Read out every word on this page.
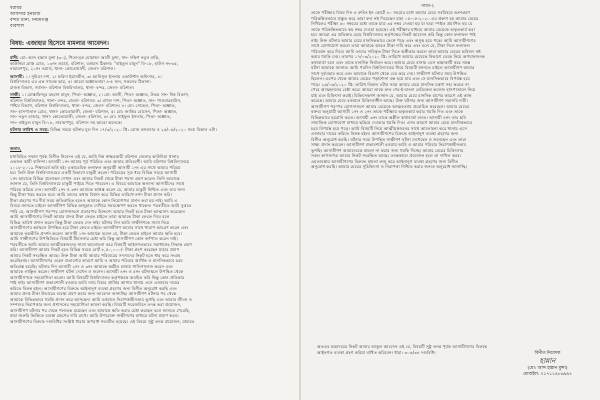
বরাবর
অফিসার ইনচার্জ
বন্দর থানা, নিয়মগঞ্জ
বরিশাল
বিষয়: এজাহার হিসেবে মামলার আবেদন।
বাদী: মো: আব্দ হান্নান মুন্সা (৩০), পিতা-মৃত মোহাম্মদ আলী মুন্সা, সাং- দক্ষিণ নতুন বাড়ি,
কাউনিয়া ব্রাঞ্চ রোড, ১৩নং ওয়ার্ড, বরিশাল, বর্তমান ঠিকানা: "বাইতুল মামুন" বি-১৮, হাউস নং-৩৫,
নারায়ণপুর, ২১নং ওয়ার্ড, থানা- কোতোয়ালী, জেলা- বরিশাল।
আসামী: ১। সুমিত্রা দাশ, ২। ফরিদা ইয়াসমীন, ৩। আনিসুল ইসলাম একাউন্টস অফিসার, ৪।
বিশ্ববিদ্যালয় এর এক সাবেক ছাত্র, ৫। আরো অজ্ঞাতনামা ৪-৫ জন, সকলের ঠিকানা:
রাজস্ব বিভাগ, সর্বসাং- বরিশাল বিশ্ববিদ্যালয়, থানা- বন্দর, জেলা- বরিশাল।
সাক্ষী: ১। মোস্তাফিজুর রহমান মামুন, পিতা- অজ্ঞাত, ২। মো: আলী, পিতা- অজ্ঞাত, উভয় সাং- নিম্ন বিভাগ,
বরিশাল বিশ্ববিদ্যালয়, থানা- বন্দর, জেলা- বরিশাল। ৩। রাহুল দাশ, পিতা- অজ্ঞাত, সাং- পাওয়ারহাউস,
পশ্চিম বিভাগ, বরিশাল বিশ্ববিদ্যালয়, থানা- বন্দর, জেলা- বরিশাল। ৪। মো: সোহেল, পিতা- অজ্ঞাত,
সাং- হাসপাতাল রোড, থানা- কোতোয়ালী, জেলা- বরিশাল, ৫। মো: জাকির হোসেন, পিতা- অজ্ঞাত,
সাং- নতুন বাজার, থানা- কোতোয়ালী, জেলা- বরিশাল, ৬। মো: সাইফুল ইসলাম, পিতা- অজ্ঞাত,
সাং- বাইতুল মামুন বি-১৮, নারায়ণপুর, বরিশাল সহ আরো অনেকে।
ঘটনার তারিখ ও সময়: বিভিন্ন সময়ে ঘটনার মূল দিন ১৭/৩/২০২০ খ্রি: রোজ মঙ্গলবার ও ২৬/০৬/২০২০ সময় বিকাল ৪টা।
জনাব,
যথাবিহিত সম্মান পূর্বক বিনীত নিবেদন এই যে, আমি নিম্ন স্বাক্ষরকারী বরিশাল জেলার কাউনিয়া থানার
একজন স্থায়ী বাসিন্দা। আসামী ১নং আমার পূর্ব পরিচিত এবং আমার প্রতিবেশী। আমি বরিশাল বিশ্ববিদ্যালয়ে
২০১৮-২০১৯ শিক্ষাবর্ষে ভর্তি হই। একাডেমিক ফলাফল অনুযায়ী আসামী ১নং এর সাথে আমার পরিচয়
হয়। তিনি উক্ত বিশ্ববিদ্যালয়ের একটি বিভাগে চাকুরী করেন। পরিচয়ের সূত্র ধরে বিভিন্ন সময়ে আসামী
১নং আমাকে বিভিন্ন প্রলোভন দেখান এবং আমার নিকট থেকে টাকা পয়সা গ্রহণ করেন। তিনি আমাকে
জানান যে, তিনি বিশ্ববিদ্যালয়ে চাকুরী পাইয়ে দিতে পারবেন। এ বিষয়ে আমাকে অন্যান্য আসামীদের সাথে
পরিচয় করিয়ে দেন। আসামী ২নং ও ৩নং আমাকে আশ্বস্ত করেন যে, আমার চাকুরী নিশ্চিত এবং তার জন্য
কিছু টাকা খরচ করতে হবে। আমি তাদের কথায় বিশ্বাস করে বিভিন্ন তারিখে নগদ টাকা প্রদান করি।
টাকা গ্রহণের পর দীর্ঘ সময় অতিবাহিত হলেও আমাকে কোন নিয়োগপত্র প্রদান করা হয় নাই। আমি এ
বিষয়ে জানতে চাইলে আসামীগণ বিভিন্ন অজুহাত দেখিয়ে সময়ক্ষেপণ করতে থাকেন। পরবর্তীতে আমি বুঝতে
পারি যে, আসামীগণ পরস্পর যোগসাজশে প্রতারণার উদ্দেশ্যে আমার নিকট হতে টাকা আত্মসাৎ করেছেন।
আমি আসামীগণের নিকট আমার প্রদত্ত টাকা ফেরত চাইলে তারা আমাকে টাকা ফেরত দিবে বলে
বিভিন্ন তারিখ প্রদান করেন কিন্তু টাকা ফেরত দেন নাই। ঘটনার দিন আমি সাক্ষীগণকে সাথে নিয়ে
আসামীগণের কর্মস্থলে উপস্থিত হয়ে টাকা ফেরত চাইলে আসামীগণ আমার সাথে খারাপ আচরণ করেন এবং
আমাকে ভয়ভীতি প্রদর্শন করেন। আসামী ১নং আমাকে বলেন যে, টাকা ফেরত চাইলে আমার ক্ষতি হবে।
আমি সাক্ষীগণের উপস্থিতিতে বিষয়টি মীমাংসার চেষ্টা করি কিন্তু আসামীগণ কোন কর্ণপাত করেন নাই।
পরবর্তীতে আমি আমার আত্মীয়স্বজনের সাথে আলোচনা করে বিষয়টি আইনগতভাবে সমাধানের সিদ্ধান্ত গ্রহণ
করি। আসামীগণ আমার নিকট হতে বিভিন্ন সময়ে মোট ৮,৫০,০০০/- টাকা গ্রহণ করেছেন যাহার প্রমাণ
আমার নিকট সংরক্ষিত আছে। উক্ত টাকা আমি আমার পরিবারের সদস্যদের নিকট হতে ধার করে সংগ্রহ
করেছিলাম। আসামীগণের এহেন প্রতারণার কারণে আমি ও আমার পরিবার আর্থিক ও মানসিকভাবে চরম
ক্ষতিগ্রস্ত হয়েছি। ঘটনার দিন আসামী ২নং ও ৩নং আমাকে অশ্লীল ভাষায় গালিগালাজ করেন এবং
আমাকে লাঞ্ছিত করেন। সাক্ষীগণ ঘটনা দেখেন ও শুনেন। আসামী ৪নং ও ৫নং ঘটনাস্থলে উপস্থিত থেকে
আসামীগণকে সহযোগিতা করেন। আমি বিষয়টি বিশ্ববিদ্যালয় কর্তৃপক্ষকে অবহিত করি কিন্তু কোন প্রতিকার
পাই নাই। আসামীগণ প্রভাবশালী হওয়ায় আমি ন্যায় বিচার প্রাপ্তির আশায় থানায় এসে এজাহার দায়ের
করিতে বিলম্ব হইল। আসামীগণের বিরুদ্ধে আইনানুগ ব্যবস্থা গ্রহণের জন্য বিনীত অনুরোধ করছি এবং
আমার প্রদত্ত টাকা উদ্ধারের ব্যবস্থা গ্রহণ করার জন্য আবেদন জানাচ্ছি। আসামীগণ ঘটনার পর থেকে
আমাকে বিভিন্নভাবে হুমকি প্রদান করে আসছেন। আমি বর্তমানে নিরাপত্তাহীনতায় ভুগছি এবং আমার জীবন ও
সম্পদের নিরাপত্তার জন্য প্রশাসনের সহযোগিতা কামনা করছি। বিষয়টি সরেজমিনে তদন্ত করা প্রয়োজন,
আসামীগণ ঘটনার পর থেকে পলাতক রয়েছেন এবং আমাকে ক্ষতি করার চেষ্টা করছেন বলে জানতে পেরেছি,
যাহা জরুরি ভিত্তিতে ব্যবস্থা গ্রহণের দাবি রাখে। আমি উপরোক্ত সাক্ষীগণের মাধ্যমে ঘটনা প্রমাণ করব।
আসামীগণের বিরুদ্ধে দণ্ডবিধির সংশ্লিষ্ট ধারায় অপরাধ সংঘটিত হয়েছে। এই বিষয়ে সুষ্ঠু তদন্ত প্রয়োজন, যাহাতে
পাতা-২
তাকে পরীক্ষার বিষয় দিন এ রুলিং ইন কোর্টে ৪০ সময়ের মধ্যে আমার মেয়ে সর্ববিষয়ে অংশগ্রহণ
পরিকল্পিতভাবে প্রস্তুত করে তারা ফল নষ্ট দিয়েছেন যাহা ০৫-০৫-২০২০ এর প্রকাশ হয় আমার মেয়ের
নিখিলের পরীক্ষা ৬০ নম্বরের মধ্যে তাকে মাত্র ৩৫ নম্বর দেওয়া হয় যা দ্বারা স্পষ্টত প্রমাণিত হয় যে
তাকে পরিকল্পিতভাবে কম নম্বর দেওয়া হয়েছে। এই পরীক্ষার মাধ্যমে আমার মেয়েকে অকৃতকার্য করা
হয়। আমরা এর প্রতিকার চেয়ে বিশ্ববিদ্যালয় কর্তৃপক্ষের নিকট আবেদন করি কিন্তু কোন ফলাফল পাই
নাই। উক্ত ঘটনায় আমার মেয়ে মানসিকভাবে ভেঙ্গে পড়ে এবং অসুস্থ হয়ে পড়ে। আমি আসামীগণের
সাথে যোগাযোগ করলে তারা আমাকে আরও টাকা দাবি করে এবং বলে যে, টাকা দিলে ফলাফল
পরিবর্তন করে দিবে। আমি তাদের দাবিকৃত টাকা দিতে অস্বীকার করলে তারা আমার মেয়ের ভবিষ্যৎ নষ্ট
করার হুমকি দেয়। তারপর ১৭/০৩/২০২০ খ্রি: তারিখে আমার মেয়েকে বিভাগে ডেকে নিয়ে অপমানজনক
কথাবার্তা বলে এবং তাকে মানসিক নির্যাতন করে। আমার মেয়ে বাসায় এসে কান্নাকাটি করে সমস্ত
ঘটনা আমাকে জানায়। আমি পরদিন বিশ্ববিদ্যালয়ে গিয়ে বিষয়টি জানতে চাইলে আসামীগণ আমার
সাথে দুর্ব্যবহার করে এবং আমাকে বিভাগ থেকে বের করে দেয়। সাক্ষীগণ ঘটনার সময় উপস্থিত
ছিলেন। এরপর থেকে আমার মেয়ের পড়াশোনা বন্ধ হয়ে যায় এবং সে মানসিকভাবে বিপর্যস্ত হয়ে
পড়ে। ২৬/০৬/২০২০ খ্রি: তারিখ বিকাল ৪টার সময় আমার মেয়ে মানসিক যন্ত্রণা সহ্য করতে না
পেরে আত্মহননের চেষ্টা করে। আমরা তাকে দ্রুত শের-ই-বাংলা মেডিকেল কলেজ হাসপাতালে নিয়ে
যাই এবং চিকিৎসা করাই। চিকিৎসকগণ জানান যে, আমার মেয়ে মানসিক চাপের কারণে এই কাজ
করেছে। আমার মেয়ে বর্তমানে চিকিৎসাধীন আছে। উক্ত ঘটনার জন্য আসামীগণ সরাসরি দায়ী।
আসামীগণ পরস্পর যোগসাজশে আমার মেয়েকে আত্মহত্যায় প্ররোচিত করেছেন। আমার মেয়ের
বক্তব্য অনুযায়ী আসামী ১নং ও ২নং তাকে পরীক্ষায় অকৃতকার্য করার হুমকি দিত এবং তাকে
বিভিন্নভাবে হয়রানি করত। আসামী ৩নং তাকে অশ্লীল কথাবার্তা বলত। আসামী ৪নং তার ছবি
সামাজিক যোগাযোগ মাধ্যমে ছড়িয়ে দেওয়ার হুমকি দিত। এসব কারণে আমার মেয়ে মানসিকভাবে
চরম বিপর্যস্ত হয়ে পড়ে। আমি বিষয়টি নিয়ে আত্মীয়স্বজনের সাথে আলোচনা করে থানায় এসে
এজাহার দায়ের করিতে বিলম্ব হইল। আসামীগণের বিরুদ্ধে আইনানুগ ব্যবস্থা গ্রহণের জন্য
বিনীত অনুরোধ করছি। ঘটনার সময় উপস্থিত সাক্ষীগণ ঘটনা দেখেছেন ও শুনেছেন এবং তারা
সাক্ষ্য প্রদান করবেন। আসামীগণ প্রভাবশালী হওয়ায় আমি ও আমার পরিবার নিরাপত্তাহীনতায়
ভুগছি। আসামীগণ আমাদেরকে মামলা না করার জন্য হুমকি দিচ্ছে। আমার মেয়ের চিকিৎসার
সকল কাগজপত্র আমার নিকট সংরক্ষিত আছে। তদন্তকালে প্রয়োজন হলে তা দাখিল করব।
এমতাবস্থায় আসামীগণের বিরুদ্ধে মামলা রুজু করে আইনানুগ ব্যবস্থা গ্রহণের জন্য বিনীত
অনুরোধ করছি। আমার মেয়ের সুচিকিৎসা ও নিরাপত্তা নিশ্চিত করার জন্যও অনুরোধ জানাচ্ছি।
অতএব মহোদয়ের নিকট আমার আকুল আবেদন এই যে, বিষয়টি সুষ্ঠু তদন্ত পূর্বক আসামীগণের বিরুদ্ধে
আইনগত ব্যবস্থা গ্রহণ করিয়া বাধিত করিবেন। ধারা: ৩০৬/৩৪ দণ্ডবিধি।	বিনীত নিবেদক
হান্নান
(মো: আব্দ হান্নান মুন্সা)
মোবাইল: ০১৭১১৪৮৬৯৯৭
